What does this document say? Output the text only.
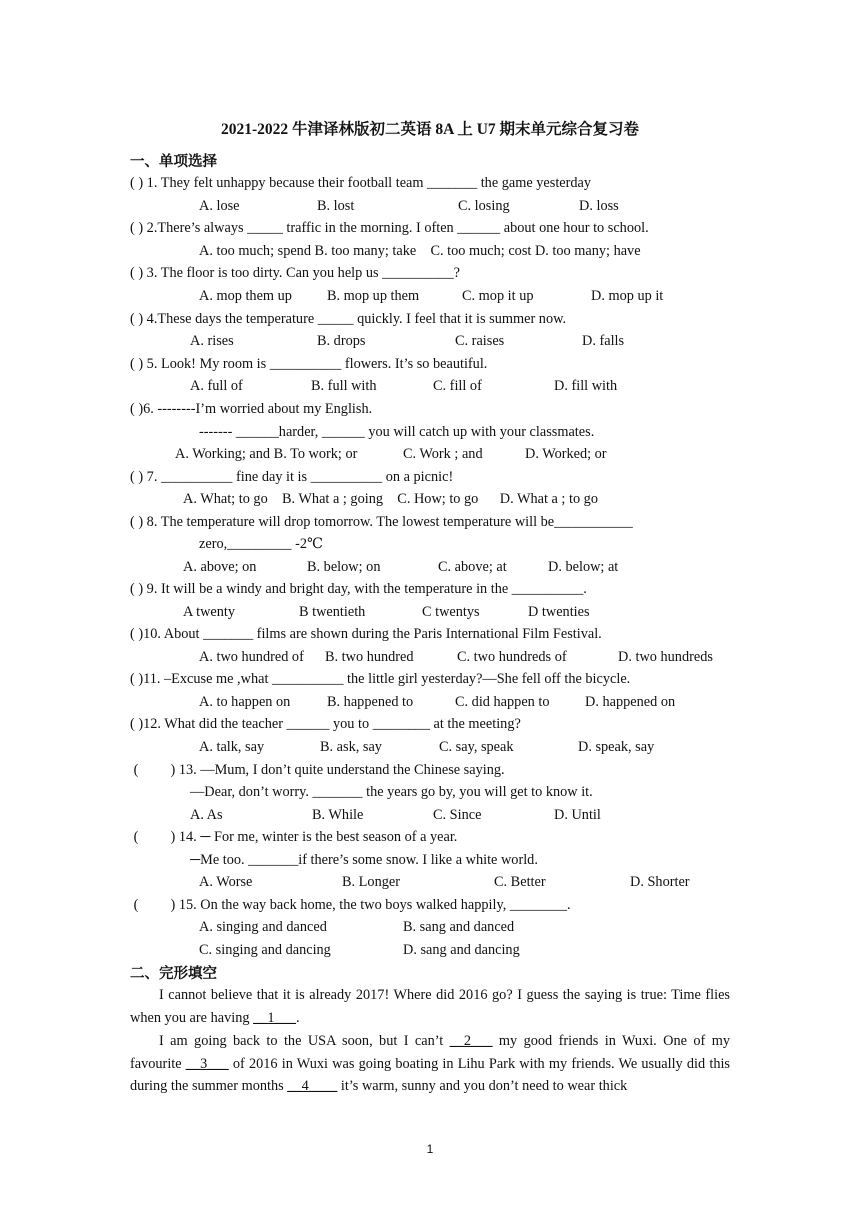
2021-2022 牛津译林版初二英语 8A 上 U7 期末单元综合复习卷
一、单项选择
( ) 1. They felt unhappy because their football team _______ the game yesterday
A. lose	B. lost	C. losing	D. loss
( ) 2.There’s always _____ traffic in the morning. I often ______ about one hour to school.
A. too much; spend B. too many; take    C. too much; cost D. too many; have
( ) 3. The floor is too dirty. Can you help us __________?
A. mop them up B. mop up them	C. mop it up	D. mop up it
( ) 4.These days the temperature _____ quickly. I feel that it is summer now.
A. rises	B. drops	C. raises	D. falls
( ) 5. Look! My room is __________ flowers. It’s so beautiful.
A. full of	B. full with	C. fill of	D. fill with
( )6. --------I’m worried about my English.
------- ______harder, ______ you will catch up with your classmates.
A. Working; and B. To work; or	C. Work ; and	D. Worked; or
( ) 7. __________ fine day it is __________ on a picnic!
A. What; to go    B. What a ; going    C. How; to go      D. What a ; to go
( ) 8. The temperature will drop tomorrow. The lowest temperature will be___________
zero,_________ -2℃
A. above; on	B. below; on	C. above; at	D. below; at
( ) 9. It will be a windy and bright day, with the temperature in the __________.
A twenty	B twentieth	C twentys	D twenties
( )10. About _______ films are shown during the Paris International Film Festival.
A. two hundred of B. two hundred	C. two hundreds of	D. two hundreds
( )11. –Excuse me ,what __________ the little girl yesterday?—She fell off the bicycle.
A. to happen on	B. happened to	C. did happen to D. happened on
( )12. What did the teacher ______ you to ________ at the meeting?
A. talk, say	B. ask, say	C. say, speak	D. speak, say
(         ) 13. —Mum, I don’t quite understand the Chinese saying.
—Dear, don’t worry. _______ the years go by, you will get to know it.
A. As	B. While	C. Since	D. Until
(         ) 14. ─ For me, winter is the best season of a year.
─Me too. _______if there’s some snow. I like a white world.
A. Worse	B. Longer	C. Better	D. Shorter
(         ) 15. On the way back home, the two boys walked happily, ________.
A. singing and danced	B. sang and danced
C. singing and dancing	D. sang and dancing
二、完形填空
I cannot believe that it is already 2017! Where did 2016 go? I guess the saying is true: Time flies when you are having __1___.
I am going back to the USA soon, but I can’t __2___ my good friends in Wuxi. One of my favourite __3___ of 2016 in Wuxi was going boating in Lihu Park with my friends. We usually did this during the summer months __4____ it’s warm, sunny and you don’t need to wear thick
1
